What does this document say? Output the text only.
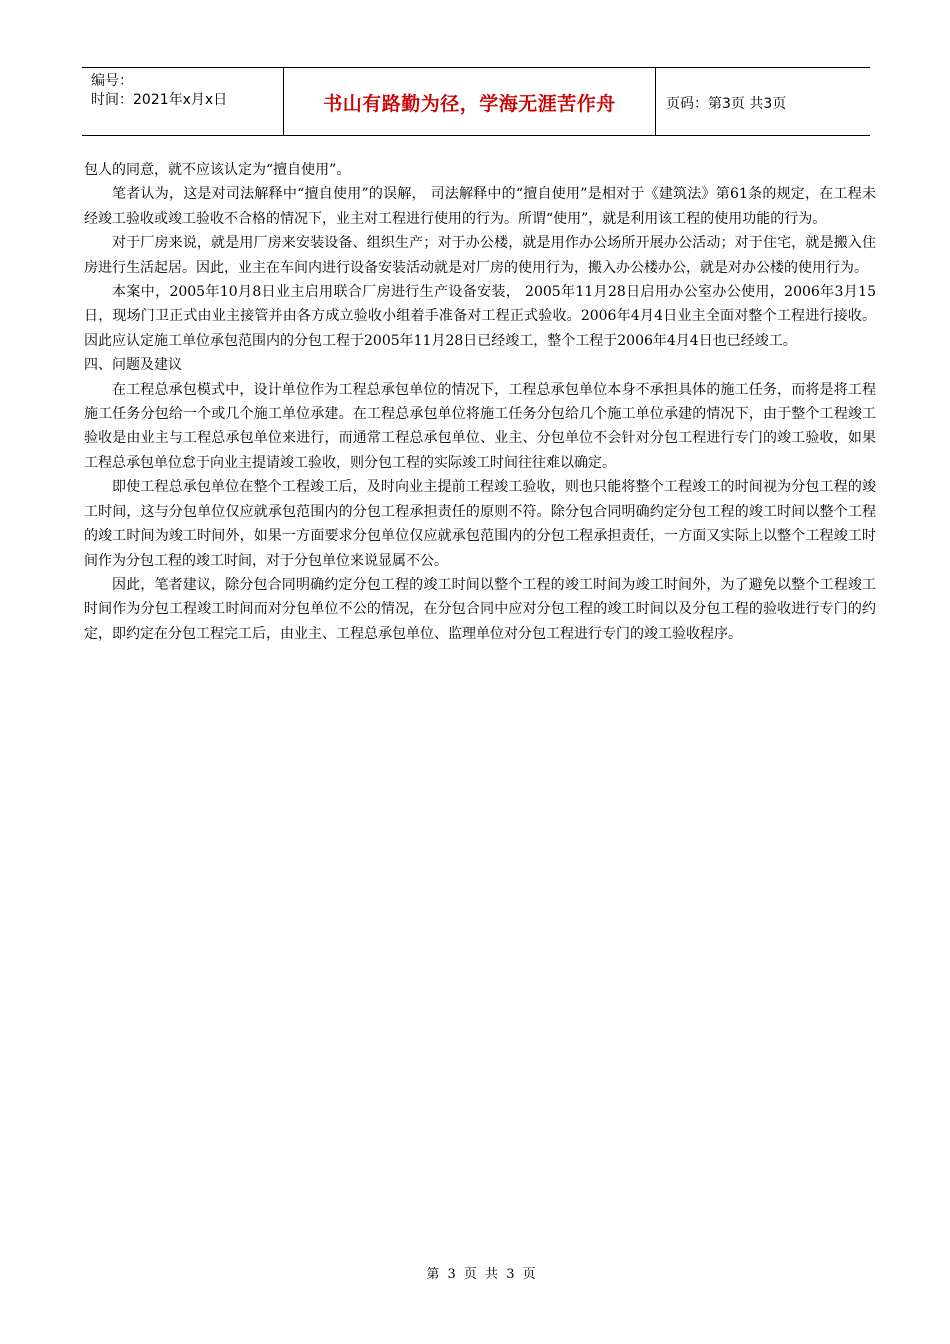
编号：
时间：2021年x月x日	书山有路勤为径，学海无涯苦作舟	页码：第3页 共3页

包人的同意，就不应该认定为“擅自使用”。

笔者认为，这是对司法解释中“擅自使用”的误解， 司法解释中的“擅自使用”是相对于《建筑法》第61条的规定，在工程未经竣工验收或竣工验收不合格的情况下，业主对工程进行使用的行为。所谓“使用”，就是利用该工程的使用功能的行为。

对于厂房来说，就是用厂房来安装设备、组织生产；对于办公楼，就是用作办公场所开展办公活动；对于住宅，就是搬入住房进行生活起居。因此，业主在车间内进行设备安装活动就是对厂房的使用行为，搬入办公楼办公，就是对办公楼的使用行为。

本案中，2005年10月8日业主启用联合厂房进行生产设备安装， 2005年11月28日启用办公室办公使用，2006年3月15日，现场门卫正式由业主接管并由各方成立验收小组着手准备对工程正式验收。2006年4月4日业主全面对整个工程进行接收。因此应认定施工单位承包范围内的分包工程于2005年11月28日已经竣工，整个工程于2006年4月4日也已经竣工。

四、问题及建议

在工程总承包模式中，设计单位作为工程总承包单位的情况下，工程总承包单位本身不承担具体的施工任务，而将是将工程施工任务分包给一个或几个施工单位承建。在工程总承包单位将施工任务分包给几个施工单位承建的情况下，由于整个工程竣工验收是由业主与工程总承包单位来进行，而通常工程总承包单位、业主、分包单位不会针对分包工程进行专门的竣工验收，如果工程总承包单位怠于向业主提请竣工验收，则分包工程的实际竣工时间往往难以确定。

即使工程总承包单位在整个工程竣工后，及时向业主提前工程竣工验收，则也只能将整个工程竣工的时间视为分包工程的竣工时间，这与分包单位仅应就承包范围内的分包工程承担责任的原则不符。除分包合同明确约定分包工程的竣工时间以整个工程的竣工时间为竣工时间外，如果一方面要求分包单位仅应就承包范围内的分包工程承担责任，一方面又实际上以整个工程竣工时间作为分包工程的竣工时间，对于分包单位来说显属不公。

因此，笔者建议，除分包合同明确约定分包工程的竣工时间以整个工程的竣工时间为竣工时间外，为了避免以整个工程竣工时间作为分包工程竣工时间而对分包单位不公的情况，在分包合同中应对分包工程的竣工时间以及分包工程的验收进行专门的约定，即约定在分包工程完工后，由业主、工程总承包单位、监理单位对分包工程进行专门的竣工验收程序。

第 3 页 共 3 页
